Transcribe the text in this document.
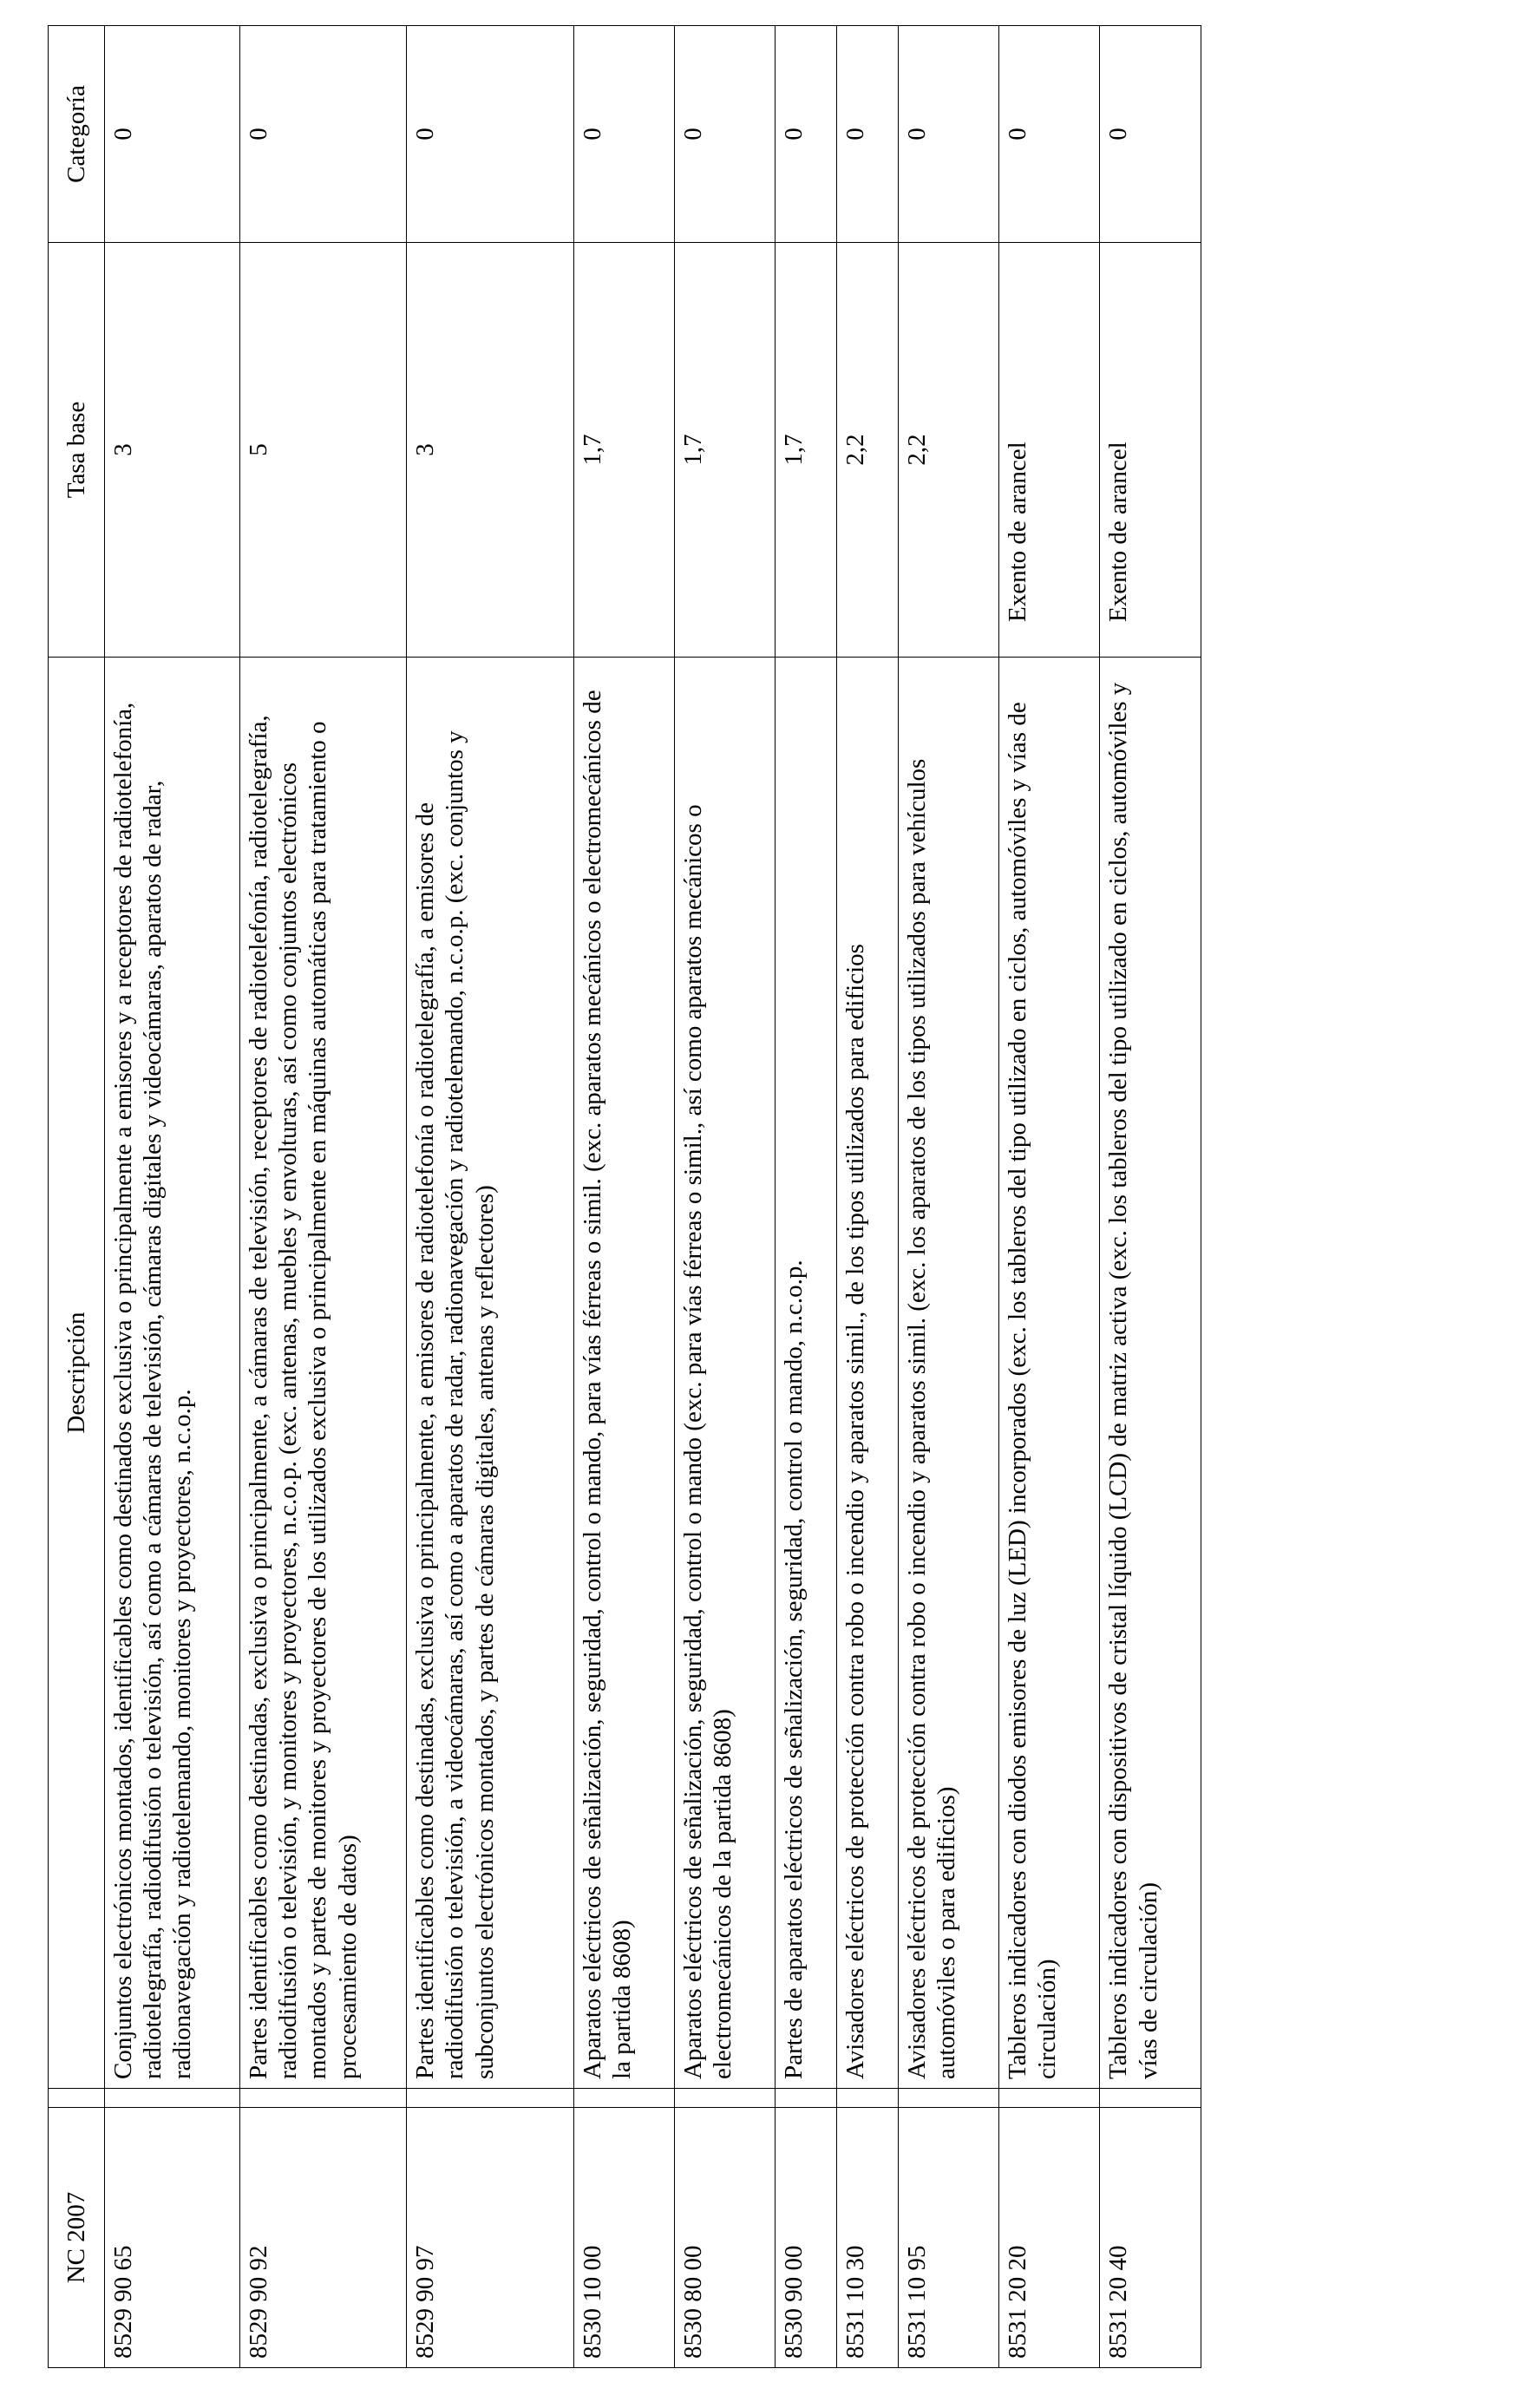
NC 2007		Descripción	Tasa base	Categoría
8529 90 65		Conjuntos electrónicos montados, identificables como destinados exclusiva o principalmente a emisores y a receptores de radiotelefonía, radiotelegrafía, radiodifusión o televisión, así como a cámaras de televisión, cámaras digitales y videocámaras, aparatos de radar, radionavegación y radiotelemando, monitores y proyectores, n.c.o.p.	3	0
8529 90 92		Partes identificables como destinadas, exclusiva o principalmente, a cámaras de televisión, receptores de radiotelefonía, radiotelegrafía, radiodifusión o televisión, y monitores y proyectores, n.c.o.p. (exc. antenas, muebles y envolturas, así como conjuntos electrónicos montados y partes de monitores y proyectores de los utilizados exclusiva o principalmente en máquinas automáticas para tratamiento o procesamiento de datos)	5	0
8529 90 97		Partes identificables como destinadas, exclusiva o principalmente, a emisores de radiotelefonía o radiotelegrafía, a emisores de radiodifusión o televisión, a videocámaras, así como a aparatos de radar, radionavegación y radiotelemando, n.c.o.p. (exc. conjuntos y subconjuntos electrónicos montados, y partes de cámaras digitales, antenas y reflectores)	3	0
8530 10 00		Aparatos eléctricos de señalización, seguridad, control o mando, para vías férreas o simil. (exc. aparatos mecánicos o electromecánicos de la partida 8608)	1,7	0
8530 80 00		Aparatos eléctricos de señalización, seguridad, control o mando (exc. para vías férreas o simil., así como aparatos mecánicos o electromecánicos de la partida 8608)	1,7	0
8530 90 00		Partes de aparatos eléctricos de señalización, seguridad, control o mando, n.c.o.p.	1,7	0
8531 10 30		Avisadores eléctricos de protección contra robo o incendio y aparatos simil., de los tipos utilizados para edificios	2,2	0
8531 10 95		Avisadores eléctricos de protección contra robo o incendio y aparatos simil. (exc. los aparatos de los tipos utilizados para vehículos automóviles o para edificios)	2,2	0
8531 20 20		Tableros indicadores con diodos emisores de luz (LED) incorporados (exc. los tableros del tipo utilizado en ciclos, automóviles y vías de circulación)	Exento de arancel	0
8531 20 40		Tableros indicadores con dispositivos de cristal líquido (LCD) de matriz activa (exc. los tableros del tipo utilizado en ciclos, automóviles y vías de circulación)	Exento de arancel	0
